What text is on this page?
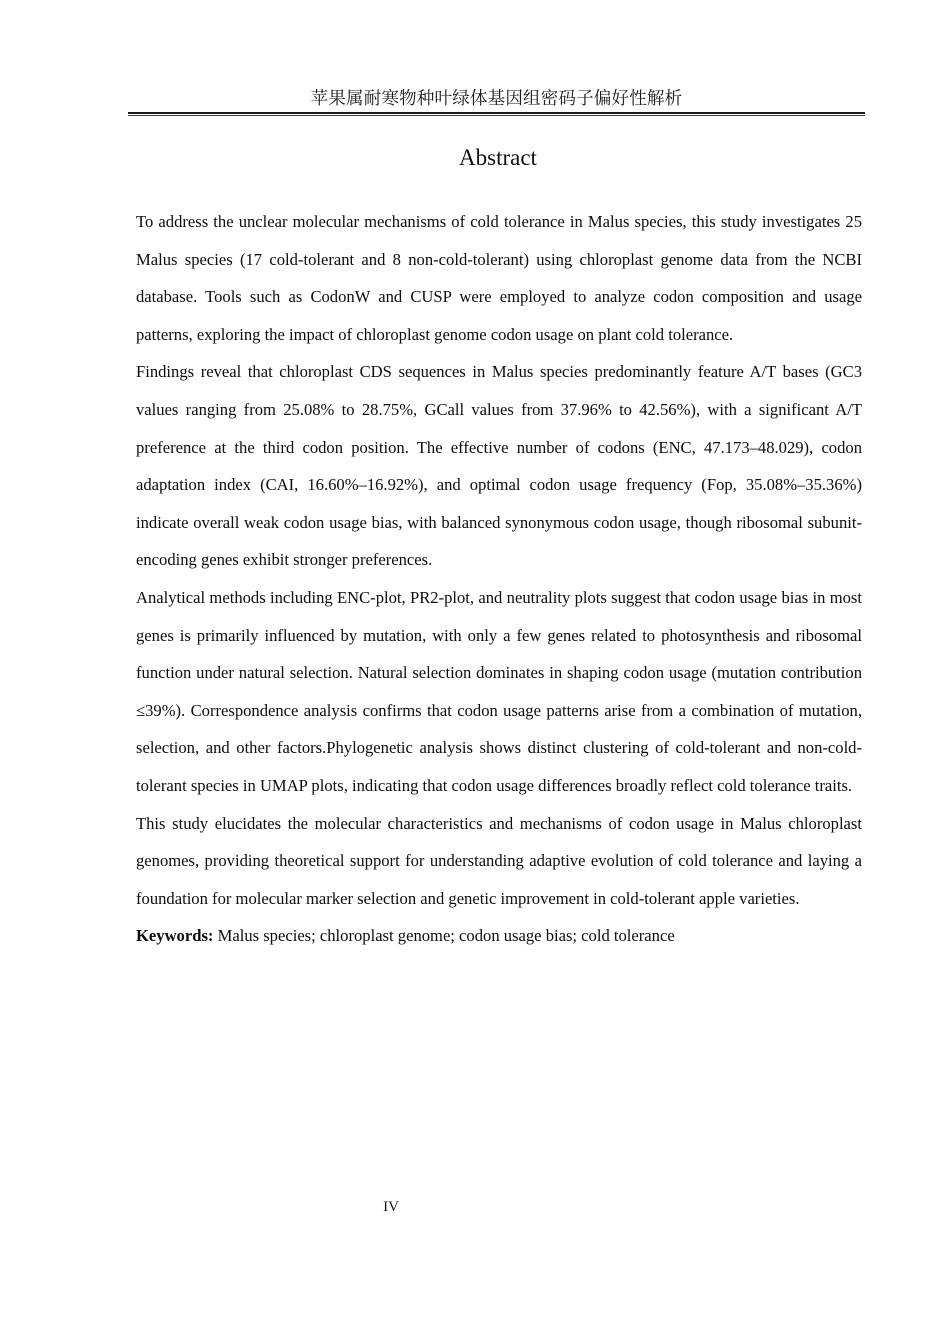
苹果属耐寒物种叶绿体基因组密码子偏好性解析
Abstract

To address the unclear molecular mechanisms of cold tolerance in Malus species, this study investigates 25 Malus species (17 cold-tolerant and 8 non-cold-tolerant) using chloroplast genome data from the NCBI database. Tools such as CodonW and CUSP were employed to analyze codon composition and usage patterns, exploring the impact of chloroplast genome codon usage on plant cold tolerance.

Findings reveal that chloroplast CDS sequences in Malus species predominantly feature A/T bases (GC3 values ranging from 25.08% to 28.75%, GCall values from 37.96% to 42.56%), with a significant A/T preference at the third codon position. The effective number of codons (ENC, 47.173–48.029), codon adaptation index (CAI, 16.60%–16.92%), and optimal codon usage frequency (Fop, 35.08%–35.36%) indicate overall weak codon usage bias, with balanced synonymous codon usage, though ribosomal subunit-encoding genes exhibit stronger preferences.

Analytical methods including ENC-plot, PR2-plot, and neutrality plots suggest that codon usage bias in most genes is primarily influenced by mutation, with only a few genes related to photosynthesis and ribosomal function under natural selection. Natural selection dominates in shaping codon usage (mutation contribution ≤39%). Correspondence analysis confirms that codon usage patterns arise from a combination of mutation, selection, and other factors.Phylogenetic analysis shows distinct clustering of cold-tolerant and non-cold-tolerant species in UMAP plots, indicating that codon usage differences broadly reflect cold tolerance traits.

This study elucidates the molecular characteristics and mechanisms of codon usage in Malus chloroplast genomes, providing theoretical support for understanding adaptive evolution of cold tolerance and laying a foundation for molecular marker selection and genetic improvement in cold-tolerant apple varieties.

Keywords: Malus species; chloroplast genome; codon usage bias; cold tolerance

IV
